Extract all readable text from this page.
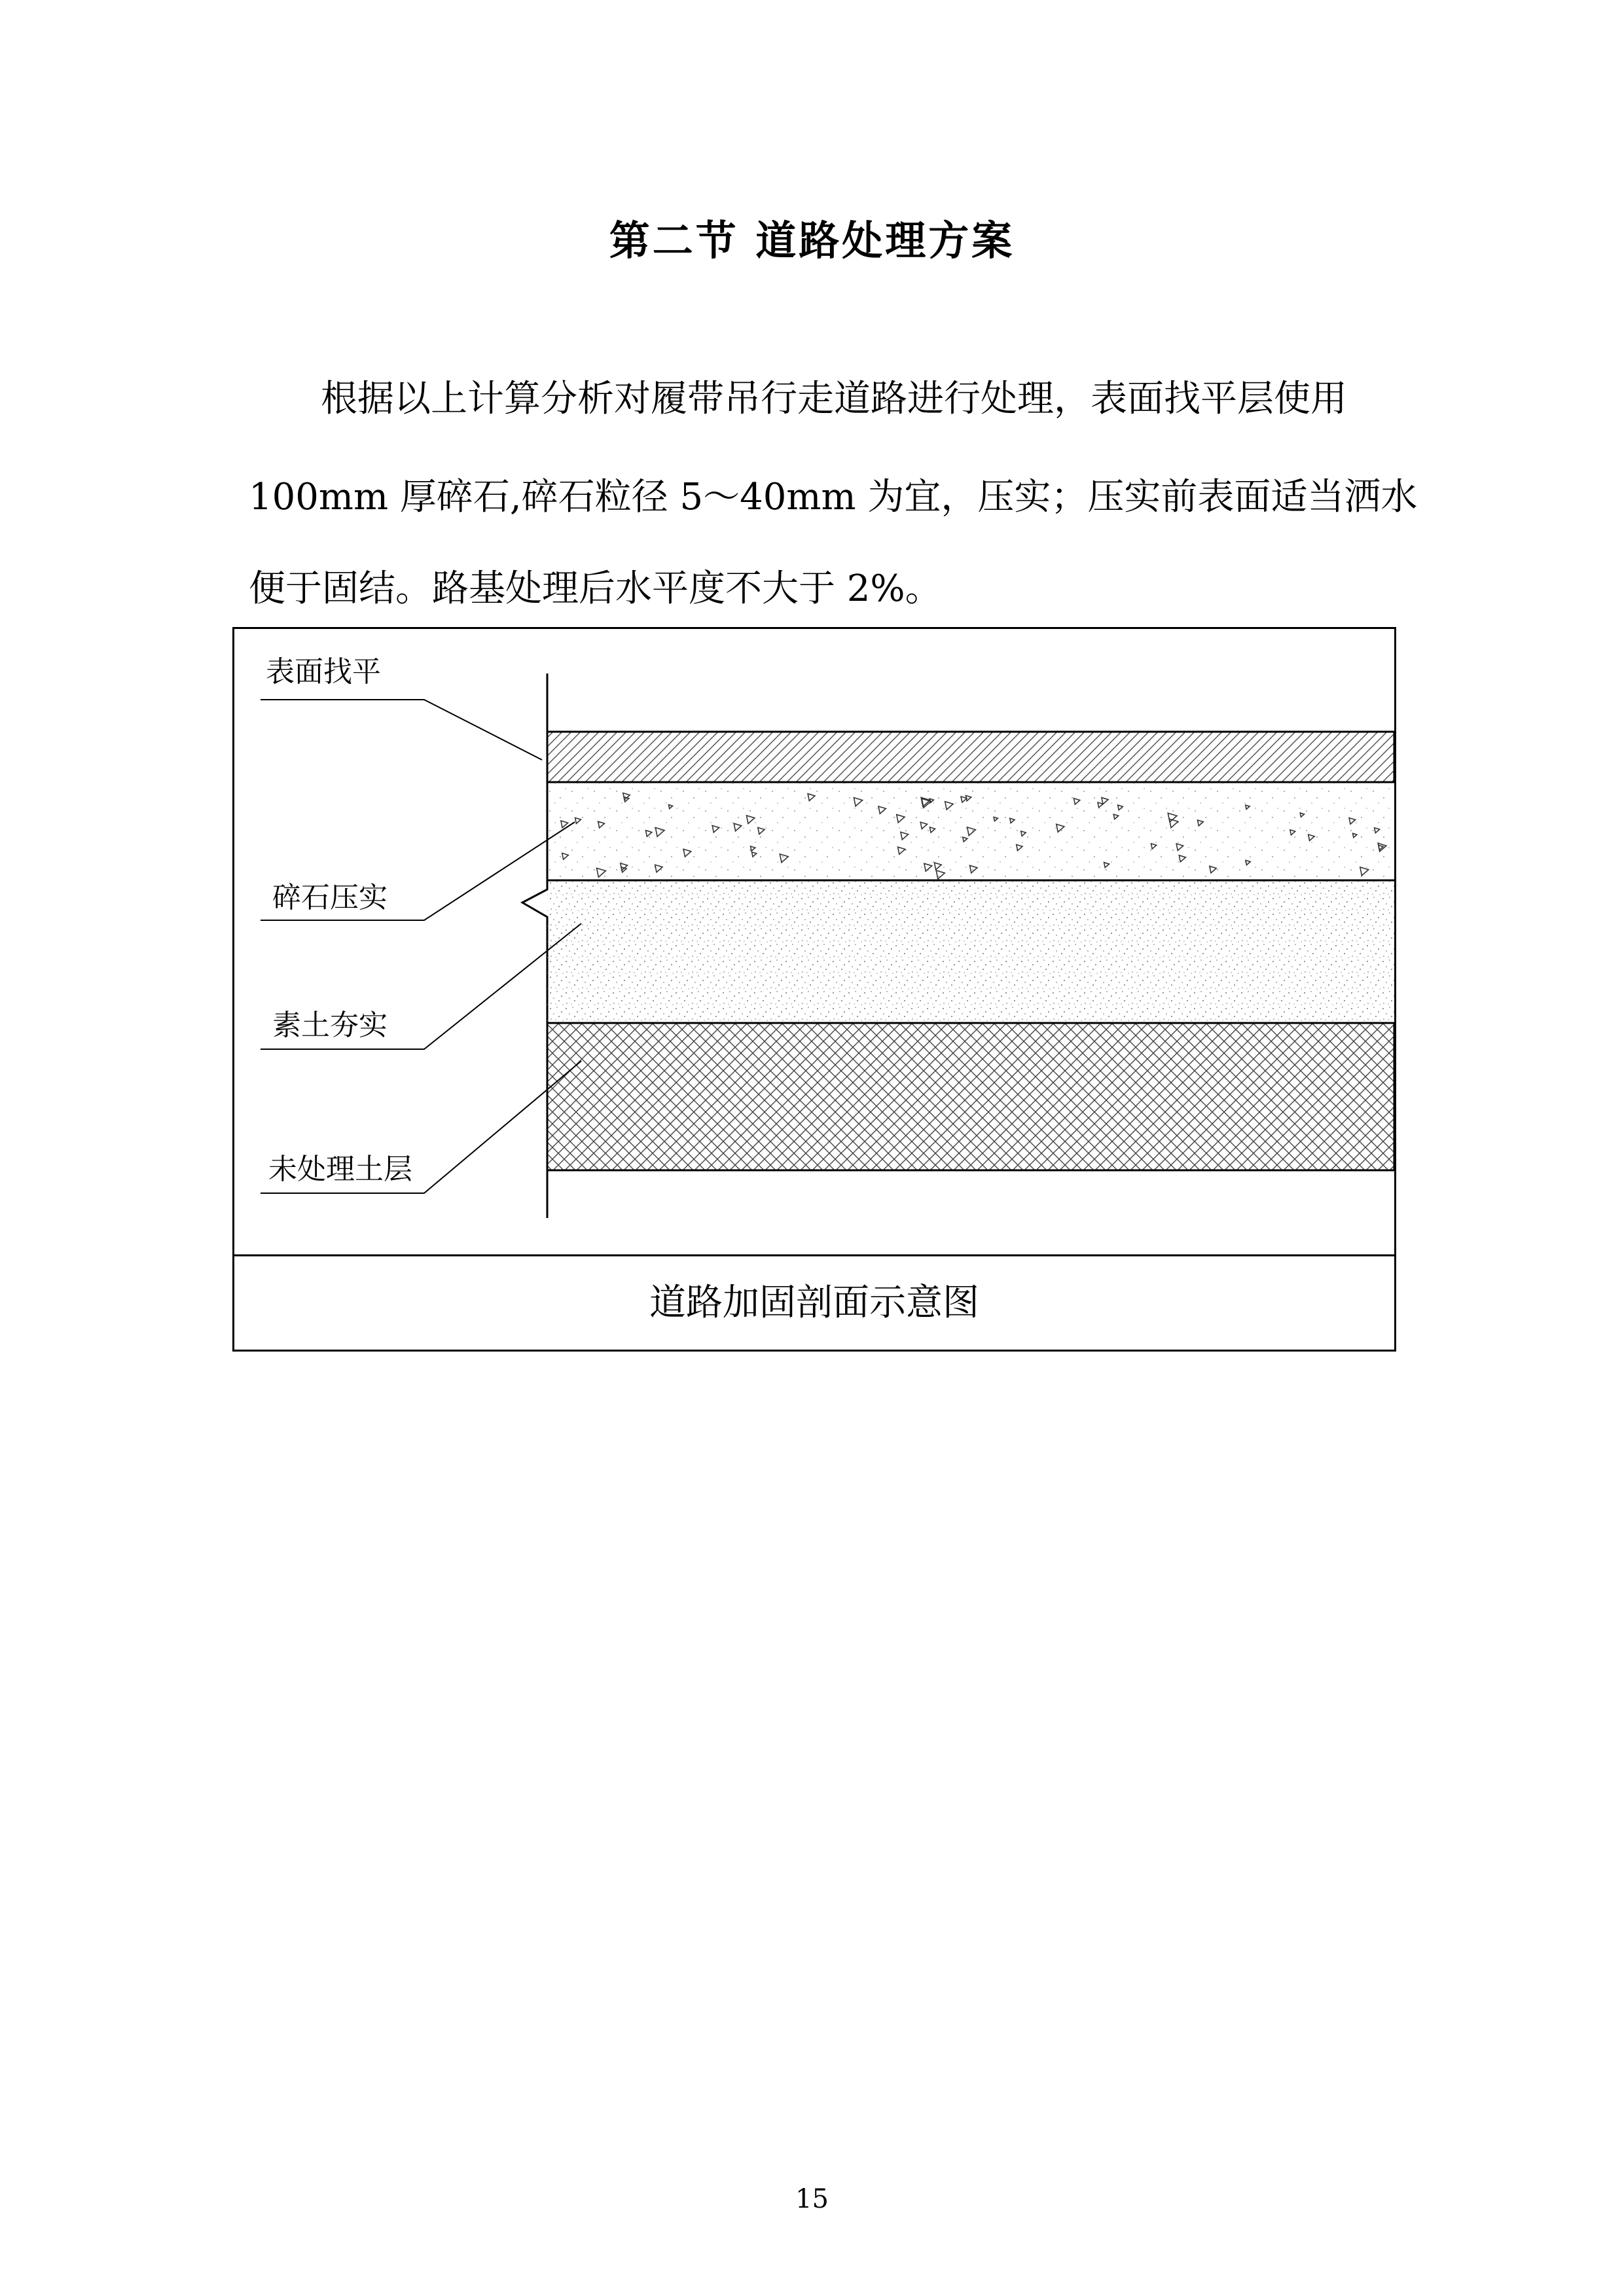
第二节 道路处理方案
根据以上计算分析对履带吊行走道路进行处理，表面找平层使用
100mm 厚碎石,碎石粒径 5～40mm 为宜，压实；压实前表面适当洒水
便于固结。路基处理后水平度不大于 2%。
表面找平
碎石压实
素土夯实
未处理土层
道路加固剖面示意图
15
